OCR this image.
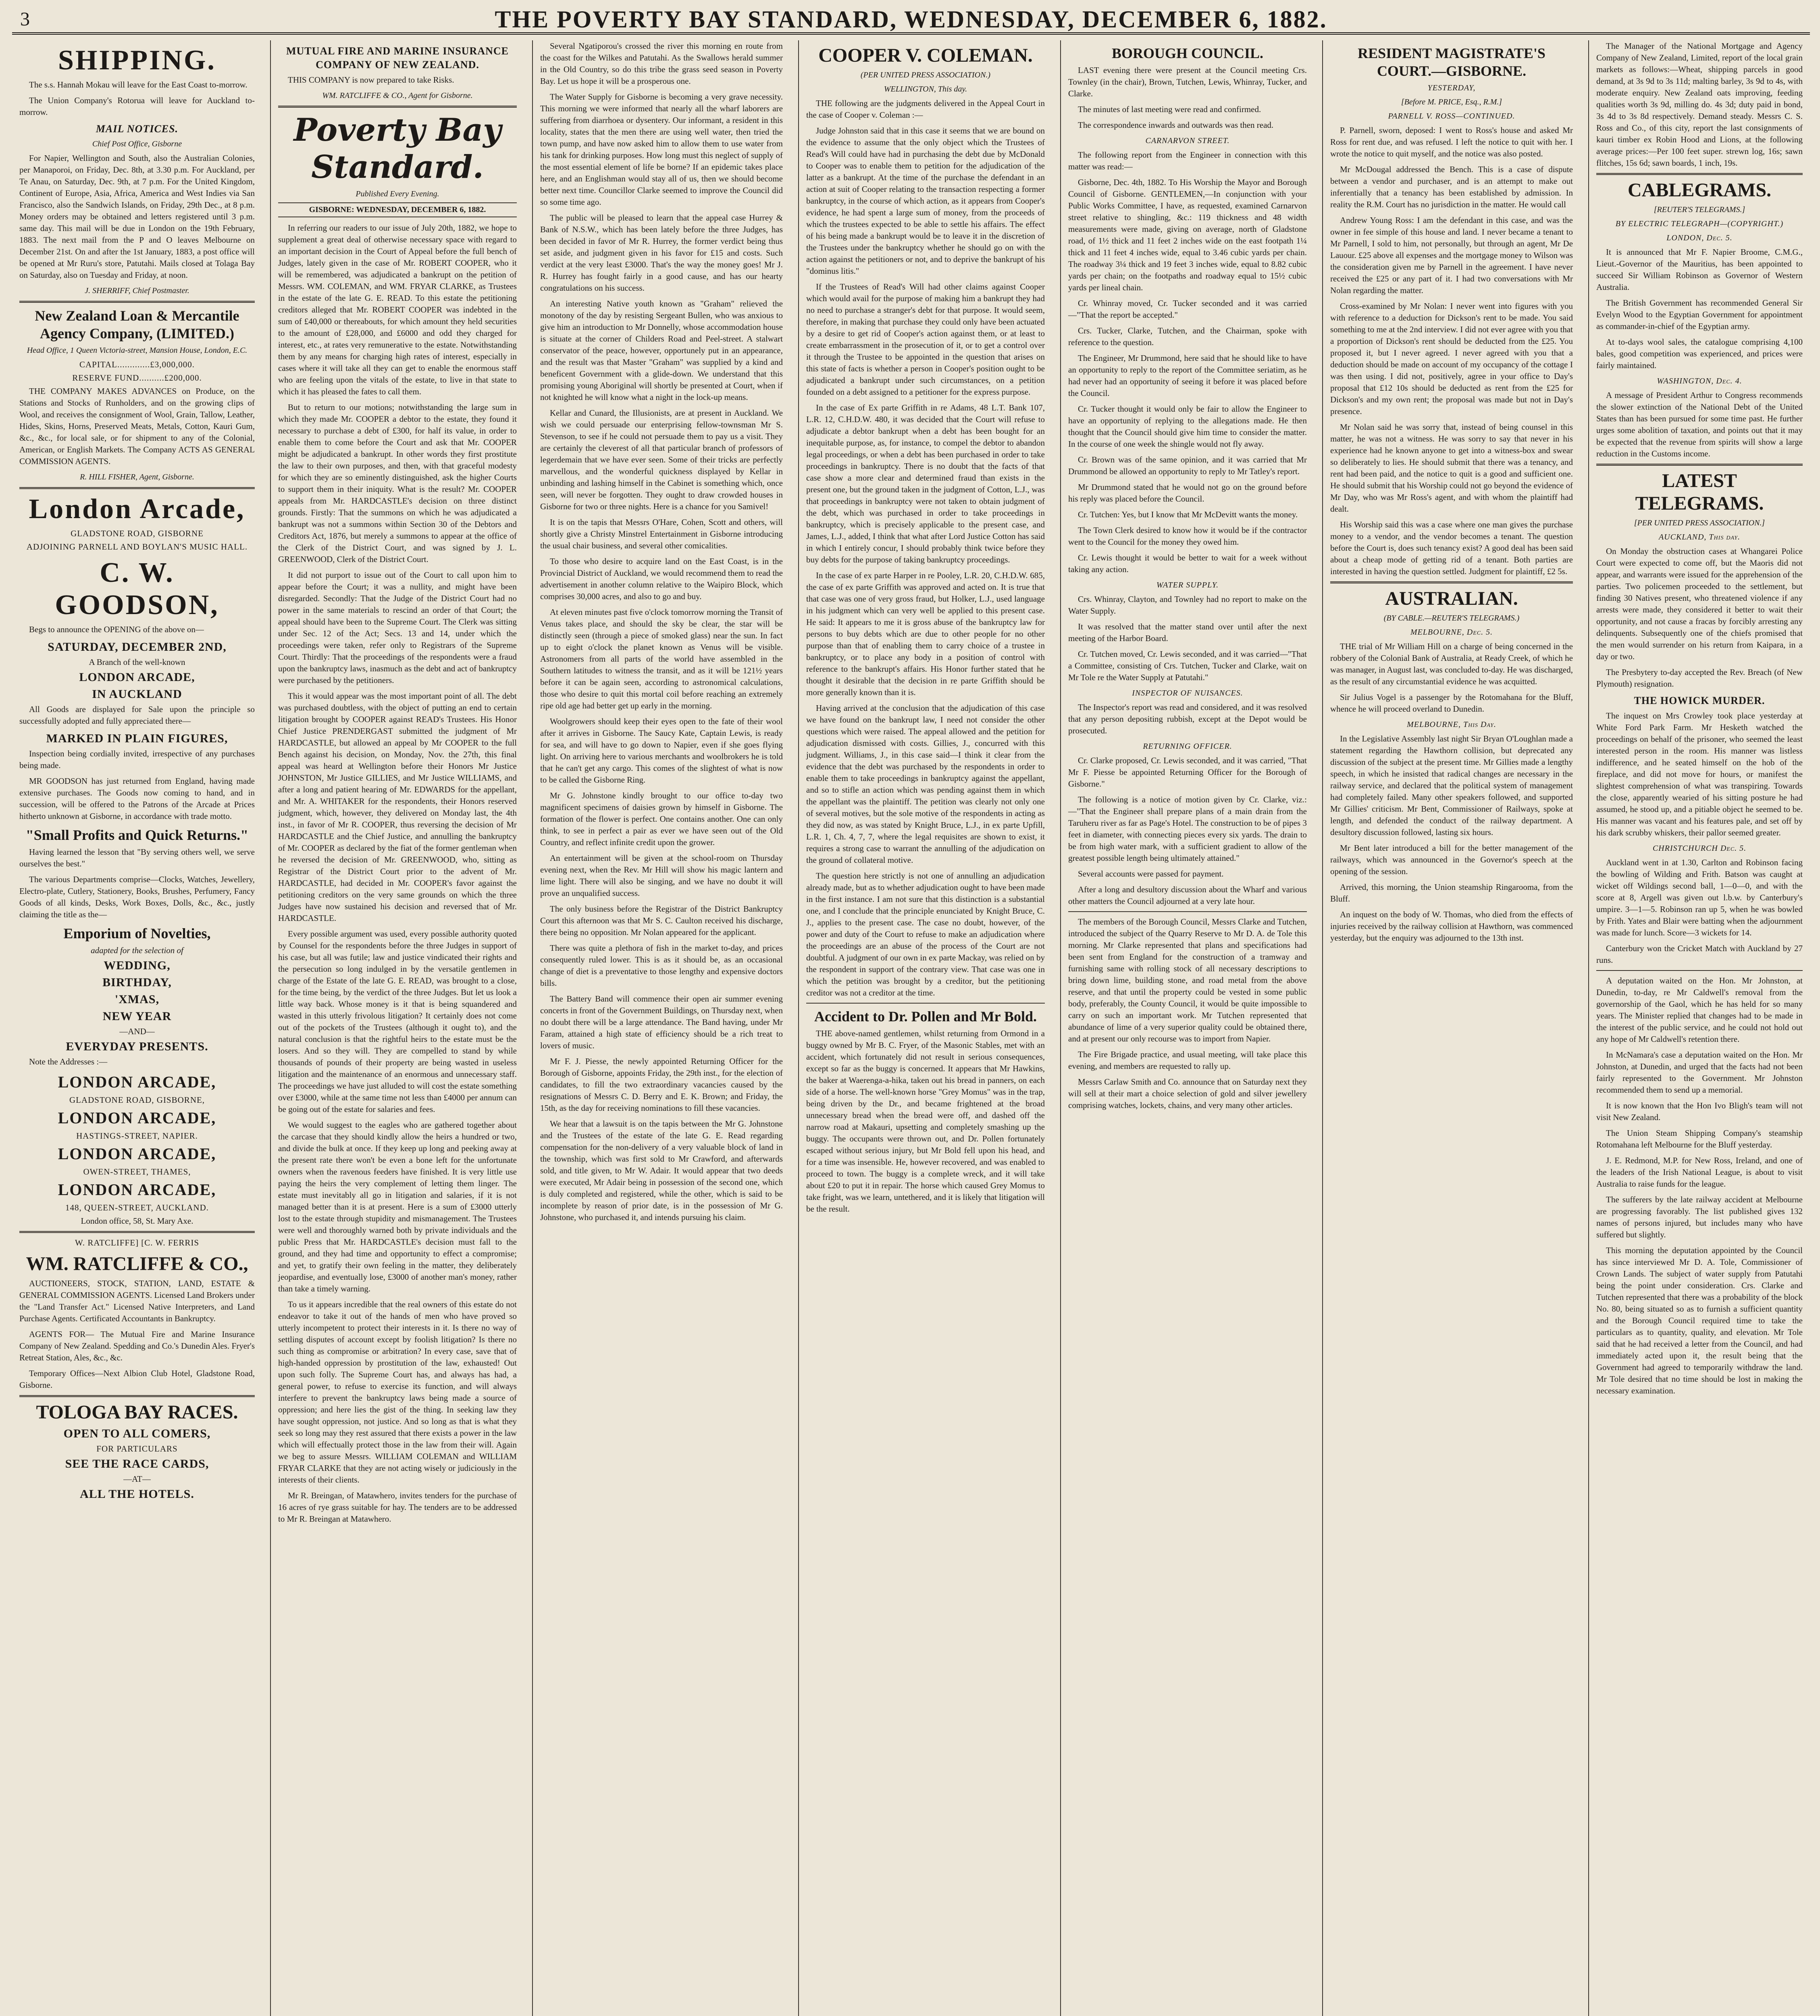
3	THE POVERTY BAY STANDARD, WEDNESDAY, DECEMBER 6, 1882.
SHIPPING.

The s.s. Hannah Mokau will leave for the East Coast to-morrow.

The Union Company's Rotorua will leave for Auckland to-morrow.

MAIL NOTICES.
Chief Post Office, Gisborne

For Napier, Wellington and South, also the Australian Colonies, per Manaporoi, on Friday, Dec. 8th, at 3.30 p.m. For Auckland, per Te Anau, on Saturday, Dec. 9th, at 7 p.m. For the United Kingdom, Continent of Europe, Asia, Africa, America and West Indies via San Francisco, also the Sandwich Islands, on Friday, 29th Dec., at 8 p.m. Money orders may be obtained and letters registered until 3 p.m. same day. This mail will be due in London on the 19th February, 1883. The next mail from the P and O leaves Melbourne on December 21st. On and after the 1st January, 1883, a post office will be opened at Mr Ruru's store, Patutahi. Mails closed at Tolaga Bay on Saturday, also on Tuesday and Friday, at noon.

J. SHERRIFF, Chief Postmaster.
New Zealand Loan & Mercantile Agency Company, (LIMITED.)
Head Office, 1 Queen Victoria-street, Mansion House, London, E.C.

CAPITAL.............£3,000,000.

RESERVE FUND..........£200,000.

THE COMPANY MAKES ADVANCES on Produce, on the Stations and Stocks of Runholders, and on the growing clips of Wool, and receives the consignment of Wool, Grain, Tallow, Leather, Hides, Skins, Horns, Preserved Meats, Metals, Cotton, Kauri Gum, &c., &c., for local sale, or for shipment to any of the Colonial, American, or English Markets. The Company ACTS AS GENERAL COMMISSION AGENTS.

R. HILL FISHER, Agent, Gisborne.
London Arcade,

GLADSTONE ROAD, GISBORNE

ADJOINING PARNELL AND BOYLAN'S MUSIC HALL.

C. W. GOODSON,

Begs to announce the OPENING of the above on—

SATURDAY, DECEMBER 2ND,

A Branch of the well-known

LONDON ARCADE,

IN AUCKLAND

All Goods are displayed for Sale upon the principle so successfully adopted and fully appreciated there—

MARKED IN PLAIN FIGURES,

Inspection being cordially invited, irrespective of any purchases being made.

MR GOODSON has just returned from England, having made extensive purchases. The Goods now coming to hand, and in succession, will be offered to the Patrons of the Arcade at Prices hitherto unknown at Gisborne, in accordance with trade motto.

"Small Profits and Quick Returns."

Having learned the lesson that "By serving others well, we serve ourselves the best."

The various Departments comprise—Clocks, Watches, Jewellery, Electro-plate, Cutlery, Stationery, Books, Brushes, Perfumery, Fancy Goods of all kinds, Desks, Work Boxes, Dolls, &c., &c., justly claiming the title as the—

Emporium of Novelties,

adapted for the selection of

WEDDING,

BIRTHDAY,

'XMAS,

NEW YEAR

—AND—

EVERYDAY PRESENTS.

Note the Addresses :—

LONDON ARCADE,

GLADSTONE ROAD, GISBORNE,

LONDON ARCADE,

HASTINGS-STREET, NAPIER.

LONDON ARCADE,

OWEN-STREET, THAMES,

LONDON ARCADE,

148, QUEEN-STREET, AUCKLAND.

London office, 58, St. Mary Axe.

W. RATCLIFFE] [C. W. FERRIS

WM. RATCLIFFE & CO.,

AUCTIONEERS, STOCK, STATION, LAND, ESTATE & GENERAL COMMISSION AGENTS. Licensed Land Brokers under the "Land Transfer Act." Licensed Native Interpreters, and Land Purchase Agents. Certificated Accountants in Bankruptcy.

AGENTS FOR— The Mutual Fire and Marine Insurance Company of New Zealand. Spedding and Co.'s Dunedin Ales. Fryer's Retreat Station, Ales, &c., &c.

Temporary Offices—Next Albion Club Hotel, Gladstone Road, Gisborne.

TOLOGA BAY RACES.

OPEN TO ALL COMERS,

FOR PARTICULARS

SEE THE RACE CARDS,

—AT—

ALL THE HOTELS.

MUTUAL FIRE AND MARINE INSURANCE COMPANY OF NEW ZEALAND.

THIS COMPANY is now prepared to take Risks.

WM. RATCLIFFE & CO., Agent for Gisborne.
Poverty Bay Standard.
Published Every Evening.
GISBORNE: WEDNESDAY, DECEMBER 6, 1882.

In referring our readers to our issue of July 20th, 1882, we hope to supplement a great deal of otherwise necessary space with regard to an important decision in the Court of Appeal before the full bench of Judges, lately given in the case of Mr. ROBERT COOPER, who it will be remembered, was adjudicated a bankrupt on the petition of Messrs. WM. COLEMAN, and WM. FRYAR CLARKE, as Trustees in the estate of the late G. E. READ. To this estate the petitioning creditors alleged that Mr. ROBERT COOPER was indebted in the sum of £40,000 or thereabouts, for which amount they held securities to the amount of £28,000, and £6000 and odd they charged for interest, etc., at rates very remunerative to the estate. Notwithstanding them by any means for charging high rates of interest, especially in cases where it will take all they can get to enable the enormous staff who are feeling upon the vitals of the estate, to live in that state to which it has pleased the fates to call them.

But to return to our motions; notwithstanding the large sum in which they made Mr. COOPER a debtor to the estate, they found it necessary to purchase a debt of £300, for half its value, in order to enable them to come before the Court and ask that Mr. COOPER might be adjudicated a bankrupt. In other words they first prostitute the law to their own purposes, and then, with that graceful modesty for which they are so eminently distinguished, ask the higher Courts to support them in their iniquity. What is the result? Mr. COOPER appeals from Mr. HARDCASTLE's decision on three distinct grounds. Firstly: That the summons on which he was adjudicated a bankrupt was not a summons within Section 30 of the Debtors and Creditors Act, 1876, but merely a summons to appear at the office of the Clerk of the District Court, and was signed by J. L. GREENWOOD, Clerk of the District Court.

It did not purport to issue out of the Court to call upon him to appear before the Court; it was a nullity, and might have been disregarded. Secondly: That the Judge of the District Court had no power in the same materials to rescind an order of that Court; the appeal should have been to the Supreme Court. The Clerk was sitting under Sec. 12 of the Act; Secs. 13 and 14, under which the proceedings were taken, refer only to Registrars of the Supreme Court. Thirdly: That the proceedings of the respondents were a fraud upon the bankruptcy laws, inasmuch as the debt and act of bankruptcy were purchased by the petitioners.

This it would appear was the most important point of all. The debt was purchased doubtless, with the object of putting an end to certain litigation brought by COOPER against READ's Trustees. His Honor Chief Justice PRENDERGAST submitted the judgment of Mr HARDCASTLE, but allowed an appeal by Mr COOPER to the full Bench against his decision, on Monday, Nov. the 27th, this final appeal was heard at Wellington before their Honors Mr Justice JOHNSTON, Mr Justice GILLIES, and Mr Justice WILLIAMS, and after a long and patient hearing of Mr. EDWARDS for the appellant, and Mr. A. WHITAKER for the respondents, their Honors reserved judgment, which, however, they delivered on Monday last, the 4th inst., in favor of Mr R. COOPER, thus reversing the decision of Mr HARDCASTLE and the Chief Justice, and annulling the bankruptcy of Mr. COOPER as declared by the fiat of the former gentleman when he reversed the decision of Mr. GREENWOOD, who, sitting as Registrar of the District Court prior to the advent of Mr. HARDCASTLE, had decided in Mr. COOPER's favor against the petitioning creditors on the very same grounds on which the three Judges have now sustained his decision and reversed that of Mr. HARDCASTLE.

Every possible argument was used, every possible authority quoted by Counsel for the respondents before the three Judges in support of his case, but all was futile; law and justice vindicated their rights and the persecution so long indulged in by the versatile gentlemen in charge of the Estate of the late G. E. READ, was brought to a close, for the time being, by the verdict of the three Judges. But let us look a little way back. Whose money is it that is being squandered and wasted in this utterly frivolous litigation? It certainly does not come out of the pockets of the Trustees (although it ought to), and the natural conclusion is that the rightful heirs to the estate must be the losers. And so they will. They are compelled to stand by while thousands of pounds of their property are being wasted in useless litigation and the maintenance of an enormous and unnecessary staff. The proceedings we have just alluded to will cost the estate something over £3000, while at the same time not less than £4000 per annum can be going out of the estate for salaries and fees.

We would suggest to the eagles who are gathered together about the carcase that they should kindly allow the heirs a hundred or two, and divide the bulk at once. If they keep up long and peeking away at the present rate there won't be even a bone left for the unfortunate owners when the ravenous feeders have finished. It is very little use paying the heirs the very complement of letting them linger. The estate must inevitably all go in litigation and salaries, if it is not managed better than it is at present. Here is a sum of £3000 utterly lost to the estate through stupidity and mismanagement. The Trustees were well and thoroughly warned both by private individuals and the public Press that Mr. HARDCASTLE's decision must fall to the ground, and they had time and opportunity to effect a compromise; and yet, to gratify their own feeling in the matter, they deliberately jeopardise, and eventually lose, £3000 of another man's money, rather than take a timely warning.

To us it appears incredible that the real owners of this estate do not endeavor to take it out of the hands of men who have proved so utterly incompetent to protect their interests in it. Is there no way of settling disputes of account except by foolish litigation? Is there no such thing as compromise or arbitration? In every case, save that of high-handed oppression by prostitution of the law, exhausted! Out upon such folly. The Supreme Court has, and always has had, a general power, to refuse to exercise its function, and will always interfere to prevent the bankruptcy laws being made a source of oppression; and here lies the gist of the thing. In seeking law they have sought oppression, not justice. And so long as that is what they seek so long may they rest assured that there exists a power in the law which will effectually protect those in the law from their will. Again we beg to assure Messrs. WILLIAM COLEMAN and WILLIAM FRYAR CLARKE that they are not acting wisely or judiciously in the interests of their clients.

Mr R. Breingan, of Matawhero, invites tenders for the purchase of 16 acres of rye grass suitable for hay. The tenders are to be addressed to Mr R. Breingan at Matawhero.

Several Ngatiporou's crossed the river this morning en route from the coast for the Wilkes and Patutahi. As the Swallows herald summer in the Old Country, so do this tribe the grass seed season in Poverty Bay. Let us hope it will be a prosperous one.

The Water Supply for Gisborne is becoming a very grave necessity. This morning we were informed that nearly all the wharf laborers are suffering from diarrhoea or dysentery. Our informant, a resident in this locality, states that the men there are using well water, then tried the town pump, and have now asked him to allow them to use water from his tank for drinking purposes. How long must this neglect of supply of the most essential element of life be borne? If an epidemic takes place here, and an Englishman would stay all of us, then we should become better next time. Councillor Clarke seemed to improve the Council did so some time ago.

The public will be pleased to learn that the appeal case Hurrey & Bank of N.S.W., which has been lately before the three Judges, has been decided in favor of Mr R. Hurrey, the former verdict being thus set aside, and judgment given in his favor for £15 and costs. Such verdict at the very least £3000. That's the way the money goes! Mr J. R. Hurrey has fought fairly in a good cause, and has our hearty congratulations on his success.

An interesting Native youth known as "Graham" relieved the monotony of the day by resisting Sergeant Bullen, who was anxious to give him an introduction to Mr Donnelly, whose accommodation house is situate at the corner of Childers Road and Peel-street. A stalwart conservator of the peace, however, opportunely put in an appearance, and the result was that Master "Graham" was supplied by a kind and beneficent Government with a glide-down. We understand that this promising young Aboriginal will shortly be presented at Court, when if not knighted he will know what a night in the lock-up means.

Kellar and Cunard, the Illusionists, are at present in Auckland. We wish we could persuade our enterprising fellow-townsman Mr S. Stevenson, to see if he could not persuade them to pay us a visit. They are certainly the cleverest of all that particular branch of professors of legerdemain that we have ever seen. Some of their tricks are perfectly marvellous, and the wonderful quickness displayed by Kellar in unbinding and lashing himself in the Cabinet is something which, once seen, will never be forgotten. They ought to draw crowded houses in Gisborne for two or three nights. Here is a chance for you Samivel!

It is on the tapis that Messrs O'Hare, Cohen, Scott and others, will shortly give a Christy Minstrel Entertainment in Gisborne introducing the usual chair business, and several other comicalities.

To those who desire to acquire land on the East Coast, is in the Provincial District of Auckland, we would recommend them to read the advertisement in another column relative to the Waipiro Block, which comprises 30,000 acres, and also to go and buy.

At eleven minutes past five o'clock tomorrow morning the Transit of Venus takes place, and should the sky be clear, the star will be distinctly seen (through a piece of smoked glass) near the sun. In fact up to eight o'clock the planet known as Venus will be visible. Astronomers from all parts of the world have assembled in the Southern latitudes to witness the transit, and as it will be 121½ years before it can be again seen, according to astronomical calculations, those who desire to quit this mortal coil before reaching an extremely ripe old age had better get up early in the morning.

Woolgrowers should keep their eyes open to the fate of their wool after it arrives in Gisborne. The Saucy Kate, Captain Lewis, is ready for sea, and will have to go down to Napier, even if she goes flying light. On arriving here to various merchants and woolbrokers he is told that he can't get any cargo. This comes of the slightest of what is now to be called the Gisborne Ring.

Mr G. Johnstone kindly brought to our office to-day two magnificent specimens of daisies grown by himself in Gisborne. The formation of the flower is perfect. One contains another. One can only think, to see in perfect a pair as ever we have seen out of the Old Country, and reflect infinite credit upon the grower.

An entertainment will be given at the school-room on Thursday evening next, when the Rev. Mr Hill will show his magic lantern and lime light. There will also be singing, and we have no doubt it will prove an unqualified success.

The only business before the Registrar of the District Bankruptcy Court this afternoon was that Mr S. C. Caulton received his discharge, there being no opposition. Mr Nolan appeared for the applicant.

There was quite a plethora of fish in the market to-day, and prices consequently ruled lower. This is as it should be, as an occasional change of diet is a preventative to those lengthy and expensive doctors bills.

The Battery Band will commence their open air summer evening concerts in front of the Government Buildings, on Thursday next, when no doubt there will be a large attendance. The Band having, under Mr Faram, attained a high state of efficiency should be a rich treat to lovers of music.

Mr F. J. Piesse, the newly appointed Returning Officer for the Borough of Gisborne, appoints Friday, the 29th inst., for the election of candidates, to fill the two extraordinary vacancies caused by the resignations of Messrs C. D. Berry and E. K. Brown; and Friday, the 15th, as the day for receiving nominations to fill these vacancies.

We hear that a lawsuit is on the tapis between the Mr G. Johnstone and the Trustees of the estate of the late G. E. Read regarding compensation for the non-delivery of a very valuable block of land in the township, which was first sold to Mr Crawford, and afterwards sold, and title given, to Mr W. Adair. It would appear that two deeds were executed, Mr Adair being in possession of the second one, which is duly completed and registered, while the other, which is said to be incomplete by reason of prior date, is in the possession of Mr G. Johnstone, who purchased it, and intends pursuing his claim.

COOPER V. COLEMAN.
(PER UNITED PRESS ASSOCIATION.)
WELLINGTON, This day.

THE following are the judgments delivered in the Appeal Court in the case of Cooper v. Coleman :—

Judge Johnston said that in this case it seems that we are bound on the evidence to assume that the only object which the Trustees of Read's Will could have had in purchasing the debt due by McDonald to Cooper was to enable them to petition for the adjudication of the latter as a bankrupt. At the time of the purchase the defendant in an action at suit of Cooper relating to the transaction respecting a former bankruptcy, in the course of which action, as it appears from Cooper's evidence, he had spent a large sum of money, from the proceeds of which the trustees expected to be able to settle his affairs. The effect of his being made a bankrupt would be to leave it in the discretion of the Trustees under the bankruptcy whether he should go on with the action against the petitioners or not, and to deprive the bankrupt of his "dominus litis."

If the Trustees of Read's Will had other claims against Cooper which would avail for the purpose of making him a bankrupt they had no need to purchase a stranger's debt for that purpose. It would seem, therefore, in making that purchase they could only have been actuated by a desire to get rid of Cooper's action against them, or at least to create embarrassment in the prosecution of it, or to get a control over it through the Trustee to be appointed in the question that arises on this state of facts is whether a person in Cooper's position ought to be adjudicated a bankrupt under such circumstances, on a petition founded on a debt assigned to a petitioner for the express purpose.

In the case of Ex parte Griffith in re Adams, 48 L.T. Bank 107, L.R. 12, C.H.D.W. 480, it was decided that the Court will refuse to adjudicate a debtor bankrupt when a debt has been bought for an inequitable purpose, as, for instance, to compel the debtor to abandon legal proceedings, or when a debt has been purchased in order to take proceedings in bankruptcy. There is no doubt that the facts of that case show a more clear and determined fraud than exists in the present one, but the ground taken in the judgment of Cotton, L.J., was that proceedings in bankruptcy were not taken to obtain judgment of the debt, which was purchased in order to take proceedings in bankruptcy, which is precisely applicable to the present case, and James, L.J., added, I think that what after Lord Justice Cotton has said in which I entirely concur, I should probably think twice before they buy debts for the purpose of taking bankruptcy proceedings.

In the case of ex parte Harper in re Pooley, L.R. 20, C.H.D.W. 685, the case of ex parte Griffith was approved and acted on. It is true that that case was one of very gross fraud, but Holker, L.J., used language in his judgment which can very well be applied to this present case. He said: It appears to me it is gross abuse of the bankruptcy law for persons to buy debts which are due to other people for no other purpose than that of enabling them to carry choice of a trustee in bankruptcy, or to place any body in a position of control with reference to the bankrupt's affairs. His Honor further stated that he thought it desirable that the decision in re parte Griffith should be more generally known than it is.

Having arrived at the conclusion that the adjudication of this case we have found on the bankrupt law, I need not consider the other questions which were raised. The appeal allowed and the petition for adjudication dismissed with costs. Gillies, J., concurred with this judgment. Williams, J., in this case said—I think it clear from the evidence that the debt was purchased by the respondents in order to enable them to take proceedings in bankruptcy against the appellant, and so to stifle an action which was pending against them in which the appellant was the plaintiff. The petition was clearly not only one of several motives, but the sole motive of the respondents in acting as they did now, as was stated by Knight Bruce, L.J., in ex parte Upfill, L.R. 1, Ch. 4, 7, 7, where the legal requisites are shown to exist, it requires a strong case to warrant the annulling of the adjudication on the ground of collateral motive.

The question here strictly is not one of annulling an adjudication already made, but as to whether adjudication ought to have been made in the first instance. I am not sure that this distinction is a substantial one, and I conclude that the principle enunciated by Knight Bruce, C. J., applies to the present case. The case no doubt, however, of the power and duty of the Court to refuse to make an adjudication where the proceedings are an abuse of the process of the Court are not doubtful. A judgment of our own in ex parte Mackay, was relied on by the respondent in support of the contrary view. That case was one in which the petition was brought by a creditor, but the petitioning creditor was not a creditor at the time.

Accident to Dr. Pollen and Mr Bold.

THE above-named gentlemen, whilst returning from Ormond in a buggy owned by Mr B. C. Fryer, of the Masonic Stables, met with an accident, which fortunately did not result in serious consequences, except so far as the buggy is concerned. It appears that Mr Hawkins, the baker at Waerenga-a-hika, taken out his bread in panners, on each side of a horse. The well-known horse "Grey Momus" was in the trap, being driven by the Dr., and became frightened at the broad unnecessary bread when the bread were off, and dashed off the narrow road at Makauri, upsetting and completely smashing up the buggy. The occupants were thrown out, and Dr. Pollen fortunately escaped without serious injury, but Mr Bold fell upon his head, and for a time was insensible. He, however recovered, and was enabled to proceed to town. The buggy is a complete wreck, and it will take about £20 to put it in repair. The horse which caused Grey Momus to take fright, was we learn, untethered, and it is likely that litigation will be the result.

BOROUGH COUNCIL.

LAST evening there were present at the Council meeting Crs. Townley (in the chair), Brown, Tutchen, Lewis, Whinray, Tucker, and Clarke.

The minutes of last meeting were read and confirmed.

The correspondence inwards and outwards was then read.

CARNARVON STREET.

The following report from the Engineer in connection with this matter was read:—

Gisborne, Dec. 4th, 1882. To His Worship the Mayor and Borough Council of Gisborne. GENTLEMEN,—In conjunction with your Public Works Committee, I have, as requested, examined Carnarvon street relative to shingling, &c.: 119 thickness and 48 width measurements were made, giving on average, north of Gladstone road, of 1½ thick and 11 feet 2 inches wide on the east footpath 1¼ thick and 11 feet 4 inches wide, equal to 3.46 cubic yards per chain. The roadway 3¼ thick and 19 feet 3 inches wide, equal to 8.82 cubic yards per chain; on the footpaths and roadway equal to 15½ cubic yards per lineal chain.

Cr. Whinray moved, Cr. Tucker seconded and it was carried—"That the report be accepted."

Crs. Tucker, Clarke, Tutchen, and the Chairman, spoke with reference to the question.

The Engineer, Mr Drummond, here said that he should like to have an opportunity to reply to the report of the Committee seriatim, as he had never had an opportunity of seeing it before it was placed before the Council.

Cr. Tucker thought it would only be fair to allow the Engineer to have an opportunity of replying to the allegations made. He then thought that the Council should give him time to consider the matter. In the course of one week the shingle would not fly away.

Cr. Brown was of the same opinion, and it was carried that Mr Drummond be allowed an opportunity to reply to Mr Tatley's report.

Mr Drummond stated that he would not go on the ground before his reply was placed before the Council.

Cr. Tutchen: Yes, but I know that Mr McDevitt wants the money.

The Town Clerk desired to know how it would be if the contractor went to the Council for the money they owed him.

Cr. Lewis thought it would be better to wait for a week without taking any action.

WATER SUPPLY.

Crs. Whinray, Clayton, and Townley had no report to make on the Water Supply.

It was resolved that the matter stand over until after the next meeting of the Harbor Board.

Cr. Tutchen moved, Cr. Lewis seconded, and it was carried—"That a Committee, consisting of Crs. Tutchen, Tucker and Clarke, wait on Mr Tole re the Water Supply at Patutahi."

INSPECTOR OF NUISANCES.

The Inspector's report was read and considered, and it was resolved that any person depositing rubbish, except at the Depot would be prosecuted.

RETURNING OFFICER.

Cr. Clarke proposed, Cr. Lewis seconded, and it was carried, "That Mr F. Piesse be appointed Returning Officer for the Borough of Gisborne."

The following is a notice of motion given by Cr. Clarke, viz.:—"That the Engineer shall prepare plans of a main drain from the Taruheru river as far as Page's Hotel. The construction to be of pipes 3 feet in diameter, with connecting pieces every six yards. The drain to be from high water mark, with a sufficient gradient to allow of the greatest possible length being ultimately attained."

Several accounts were passed for payment.

After a long and desultory discussion about the Wharf and various other matters the Council adjourned at a very late hour.

The members of the Borough Council, Messrs Clarke and Tutchen, introduced the subject of the Quarry Reserve to Mr D. A. de Tole this morning. Mr Clarke represented that plans and specifications had been sent from England for the construction of a tramway and furnishing same with rolling stock of all necessary descriptions to bring down lime, building stone, and road metal from the above reserve, and that until the property could be vested in some public body, preferably, the County Council, it would be quite impossible to carry on such an important work. Mr Tutchen represented that abundance of lime of a very superior quality could be obtained there, and at present our only recourse was to import from Napier.

The Fire Brigade practice, and usual meeting, will take place this evening, and members are requested to rally up.

Messrs Carlaw Smith and Co. announce that on Saturday next they will sell at their mart a choice selection of gold and silver jewellery comprising watches, lockets, chains, and very many other articles.

RESIDENT MAGISTRATE'S COURT.—GISBORNE.
YESTERDAY,
[Before M. PRICE, Esq., R.M.]
PARNELL V. ROSS—CONTINUED.

P. Parnell, sworn, deposed: I went to Ross's house and asked Mr Ross for rent due, and was refused. I left the notice to quit with her. I wrote the notice to quit myself, and the notice was also posted.

Mr McDougal addressed the Bench. This is a case of dispute between a vendor and purchaser, and is an attempt to make out inferentially that a tenancy has been established by admission. In reality the R.M. Court has no jurisdiction in the matter. He would call

Andrew Young Ross: I am the defendant in this case, and was the owner in fee simple of this house and land. I never became a tenant to Mr Parnell, I sold to him, not personally, but through an agent, Mr De Lauour. £25 above all expenses and the mortgage money to Wilson was the consideration given me by Parnell in the agreement. I have never received the £25 or any part of it. I had two conversations with Mr Nolan regarding the matter.

Cross-examined by Mr Nolan: I never went into figures with you with reference to a deduction for Dickson's rent to be made. You said something to me at the 2nd interview. I did not ever agree with you that a proportion of Dickson's rent should be deducted from the £25. You proposed it, but I never agreed. I never agreed with you that a deduction should be made on account of my occupancy of the cottage I was then using. I did not, positively, agree in your office to Day's proposal that £12 10s should be deducted as rent from the £25 for Dickson's and my own rent; the proposal was made but not in Day's presence.

Mr Nolan said he was sorry that, instead of being counsel in this matter, he was not a witness. He was sorry to say that never in his experience had he known anyone to get into a witness-box and swear so deliberately to lies. He should submit that there was a tenancy, and rent had been paid, and the notice to quit is a good and sufficient one. He should submit that his Worship could not go beyond the evidence of Mr Day, who was Mr Ross's agent, and with whom the plaintiff had dealt.

His Worship said this was a case where one man gives the purchase money to a vendor, and the vendor becomes a tenant. The question before the Court is, does such tenancy exist? A good deal has been said about a cheap mode of getting rid of a tenant. Both parties are interested in having the question settled. Judgment for plaintiff, £2 5s.

AUSTRALIAN.
(BY CABLE.—REUTER'S TELEGRAMS.)
MELBOURNE, Dec. 5.

THE trial of Mr William Hill on a charge of being concerned in the robbery of the Colonial Bank of Australia, at Ready Creek, of which he was manager, in August last, was concluded to-day. He was discharged, as the result of any circumstantial evidence he was acquitted.

Sir Julius Vogel is a passenger by the Rotomahana for the Bluff, whence he will proceed overland to Dunedin.

MELBOURNE, This Day.

In the Legislative Assembly last night Sir Bryan O'Loughlan made a statement regarding the Hawthorn collision, but deprecated any discussion of the subject at the present time. Mr Gillies made a lengthy speech, in which he insisted that radical changes are necessary in the railway service, and declared that the political system of management had completely failed. Many other speakers followed, and supported Mr Gillies' criticism. Mr Bent, Commissioner of Railways, spoke at length, and defended the conduct of the railway department. A desultory discussion followed, lasting six hours.

Mr Bent later introduced a bill for the better management of the railways, which was announced in the Governor's speech at the opening of the session.

Arrived, this morning, the Union steamship Ringarooma, from the Bluff.

An inquest on the body of W. Thomas, who died from the effects of injuries received by the railway collision at Hawthorn, was commenced yesterday, but the enquiry was adjourned to the 13th inst.

The Manager of the National Mortgage and Agency Company of New Zealand, Limited, report of the local grain markets as follows:—Wheat, shipping parcels in good demand, at 3s 9d to 3s 11d; malting barley, 3s 9d to 4s, with moderate enquiry. New Zealand oats improving, feeding qualities worth 3s 9d, milling do. 4s 3d; duty paid in bond, 3s 4d to 3s 8d respectively. Demand steady. Messrs C. S. Ross and Co., of this city, report the last consignments of kauri timber ex Robin Hood and Lions, at the following average prices:—Per 100 feet super. strewn log, 16s; sawn flitches, 15s 6d; sawn boards, 1 inch, 19s.

CABLEGRAMS.
[REUTER'S TELEGRAMS.]
BY ELECTRIC TELEGRAPH—(COPYRIGHT.)
LONDON, Dec. 5.

It is announced that Mr F. Napier Broome, C.M.G., Lieut.-Governor of the Mauritius, has been appointed to succeed Sir William Robinson as Governor of Western Australia.

The British Government has recommended General Sir Evelyn Wood to the Egyptian Government for appointment as commander-in-chief of the Egyptian army.

At to-days wool sales, the catalogue comprising 4,100 bales, good competition was experienced, and prices were fairly maintained.

WASHINGTON, Dec. 4.

A message of President Arthur to Congress recommends the slower extinction of the National Debt of the United States than has been pursued for some time past. He further urges some abolition of taxation, and points out that it may be expected that the revenue from spirits will show a large reduction in the Customs income.

LATEST TELEGRAMS.
[PER UNITED PRESS ASSOCIATION.]
AUCKLAND, This day.

On Monday the obstruction cases at Whangarei Police Court were expected to come off, but the Maoris did not appear, and warrants were issued for the apprehension of the parties. Two policemen proceeded to the settlement, but finding 30 Natives present, who threatened violence if any arrests were made, they considered it better to wait their opportunity, and not cause a fracas by forcibly arresting any delinquents. Subsequently one of the chiefs promised that the men would surrender on his return from Kaipara, in a day or two.

The Presbytery to-day accepted the Rev. Breach (of New Plymouth) resignation.

THE HOWICK MURDER.

The inquest on Mrs Crowley took place yesterday at White Ford Park Farm. Mr Hesketh watched the proceedings on behalf of the prisoner, who seemed the least interested person in the room. His manner was listless indifference, and he seated himself on the hob of the fireplace, and did not move for hours, or manifest the slightest comprehension of what was transpiring. Towards the close, apparently wearied of his sitting posture he had assumed, he stood up, and a pitiable object he seemed to be. His manner was vacant and his features pale, and set off by his dark scrubby whiskers, their pallor seemed greater.

CHRISTCHURCH Dec. 5.

Auckland went in at 1.30, Carlton and Robinson facing the bowling of Wilding and Frith. Batson was caught at wicket off Wildings second ball, 1—0—0, and with the score at 8, Argell was given out l.b.w. by Canterbury's umpire. 3—1—5. Robinson ran up 5, when he was bowled by Frith. Yates and Blair were batting when the adjournment was made for lunch. Score—3 wickets for 14.

Canterbury won the Cricket Match with Auckland by 27 runs.

A deputation waited on the Hon. Mr Johnston, at Dunedin, to-day, re Mr Caldwell's removal from the governorship of the Gaol, which he has held for so many years. The Minister replied that changes had to be made in the interest of the public service, and he could not hold out any hope of Mr Caldwell's retention there.

In McNamara's case a deputation waited on the Hon. Mr Johnston, at Dunedin, and urged that the facts had not been fairly represented to the Government. Mr Johnston recommended them to send up a memorial.

It is now known that the Hon Ivo Bligh's team will not visit New Zealand.

The Union Steam Shipping Company's steamship Rotomahana left Melbourne for the Bluff yesterday.

J. E. Redmond, M.P. for New Ross, Ireland, and one of the leaders of the Irish National League, is about to visit Australia to raise funds for the league.

The sufferers by the late railway accident at Melbourne are progressing favorably. The list published gives 132 names of persons injured, but includes many who have suffered but slightly.

This morning the deputation appointed by the Council has since interviewed Mr D. A. Tole, Commissioner of Crown Lands. The subject of water supply from Patutahi being the point under consideration. Crs. Clarke and Tutchen represented that there was a probability of the block No. 80, being situated so as to furnish a sufficient quantity and the Borough Council required time to take the particulars as to quantity, quality, and elevation. Mr Tole said that he had received a letter from the Council, and had immediately acted upon it, the result being that the Government had agreed to temporarily withdraw the land. Mr Tole desired that no time should be lost in making the necessary examination.
